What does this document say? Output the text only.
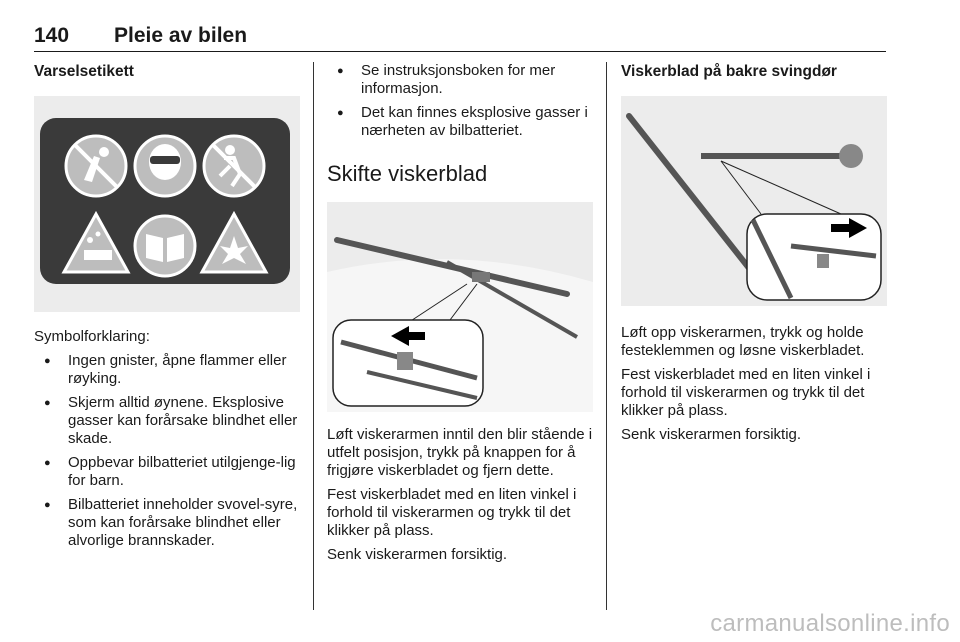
140 Pleie av bilen
Varselsetikett
Symbolforklaring:
● Ingen gnister, åpne flammer eller røyking.
● Skjerm alltid øynene. Eksplosive gasser kan forårsake blindhet eller skade.
● Oppbevar bilbatteriet utilgjenge-lig for barn.
● Bilbatteriet inneholder svovel-syre, som kan forårsake blindhet eller alvorlige brannskader.
● Se instruksjonsboken for mer informasjon.
● Det kan finnes eksplosive gasser i nærheten av bilbatteriet.
Skifte viskerblad
Løft viskerarmen inntil den blir stående i utfelt posisjon, trykk på knappen for å frigjøre viskerbladet og fjern dette.
Fest viskerbladet med en liten vinkel i forhold til viskerarmen og trykk til det klikker på plass.
Senk viskerarmen forsiktig.
Viskerblad på bakre svingdør
Løft opp viskerarmen, trykk og holde festeklemmen og løsne viskerbladet.
Fest viskerbladet med en liten vinkel i forhold til viskerarmen og trykk til det klikker på plass.
Senk viskerarmen forsiktig.
carmanualsonline.info
